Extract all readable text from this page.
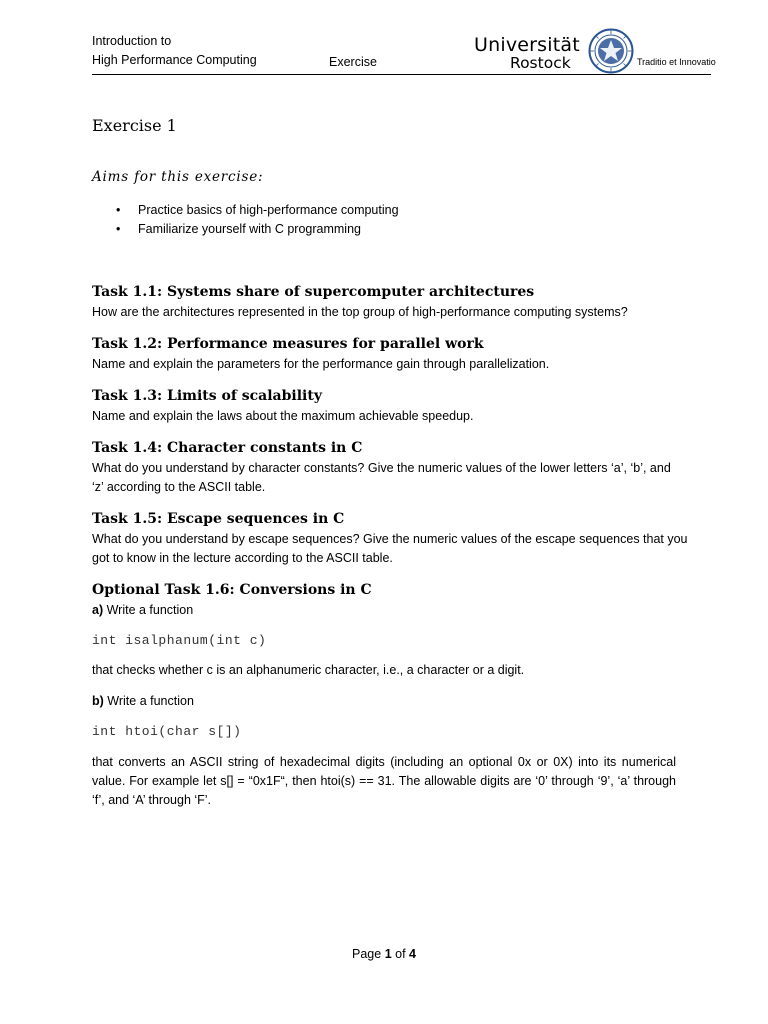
Introduction to
High Performance Computing	Exercise
Universität
Rostock	Traditio et Innovatio
Exercise 1
Aims for this exercise:
• Practice basics of high-performance computing
• Familiarize yourself with C programming
Task 1.1: Systems share of supercomputer architectures
How are the architectures represented in the top group of high-performance computing systems?
Task 1.2: Performance measures for parallel work
Name and explain the parameters for the performance gain through parallelization.
Task 1.3: Limits of scalability
Name and explain the laws about the maximum achievable speedup.
Task 1.4: Character constants in C
What do you understand by character constants? Give the numeric values of the lower letters ‘a’, ‘b’, and ‘z’ according to the ASCII table.
Task 1.5: Escape sequences in C
What do you understand by escape sequences? Give the numeric values of the escape sequences that you got to know in the lecture according to the ASCII table.
Optional Task 1.6: Conversions in C
a) Write a function
int isalphanum(int c)
that checks whether c is an alphanumeric character, i.e., a character or a digit.
b) Write a function
int htoi(char s[])
that converts an ASCII string of hexadecimal digits (including an optional 0x or 0X) into its numerical value. For example let s[] = “0x1F“, then htoi(s) == 31. The allowable digits are ‘0’ through ‘9’, ‘a’ through ‘f’, and ‘A’ through ‘F’.
Page 1 of 4
